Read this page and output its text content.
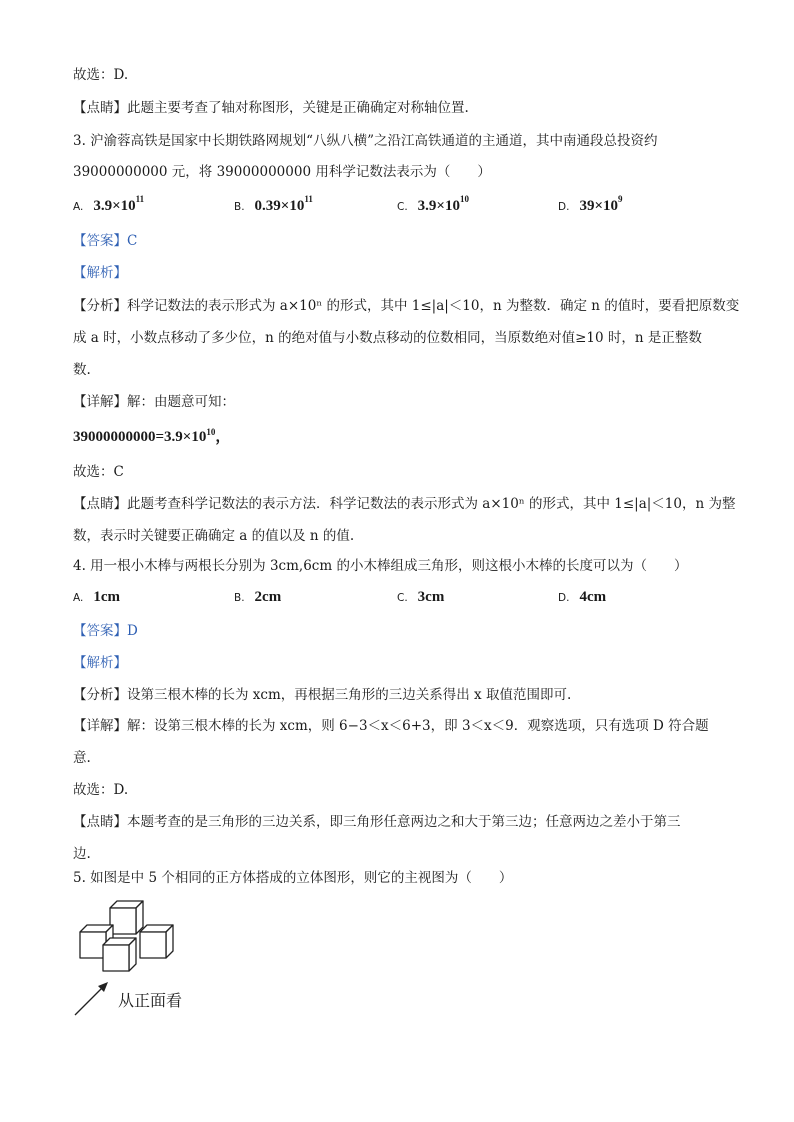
故选：D.
【点睛】此题主要考查了轴对称图形，关键是正确确定对称轴位置.
3. 沪渝蓉高铁是国家中长期铁路网规划“八纵八横”之沿江高铁通道的主通道，其中南通段总投资约
39000000000 元，将 39000000000 用科学记数法表示为（　　）
A. $3.9\times 10^{11}$
B. $0.39\times 10^{11}$
C. $3.9\times 10^{10}$
D. $39\times 10^9$
【答案】C
【解析】
【分析】科学记数法的表示形式为 a×10ⁿ 的形式，其中 1≤|a|＜10，n 为整数．确定 n 的值时，要看把原数变
成 a 时，小数点移动了多少位，n 的绝对值与小数点移动的位数相同，当原数绝对值≥10 时，n 是正整数
数.
【详解】解：由题意可知：
$39000000000=3.9\times 10^{10}$，
故选：C
【点睛】此题考查科学记数法的表示方法．科学记数法的表示形式为 a×10ⁿ 的形式，其中 1≤|a|＜10，n 为整
数，表示时关键要正确确定 a 的值以及 n 的值.
4. 用一根小木棒与两根长分别为 3cm,6cm 的小木棒组成三角形，则这根小木棒的长度可以为（　　）
A. 1cm	B. 2cm	C. 3cm	D. 4cm
【答案】D
【解析】
【分析】设第三根木棒的长为 xcm，再根据三角形的三边关系得出 x 取值范围即可.
【详解】解：设第三根木棒的长为 xcm，则 6−3＜x＜6+3，即 3＜x＜9．观察选项，只有选项 D 符合题
意.
故选：D.
【点睛】本题考查的是三角形的三边关系，即三角形任意两边之和大于第三边；任意两边之差小于第三
边.
5. 如图是中 5 个相同的正方体搭成的立体图形，则它的主视图为（　　）
从正面看
